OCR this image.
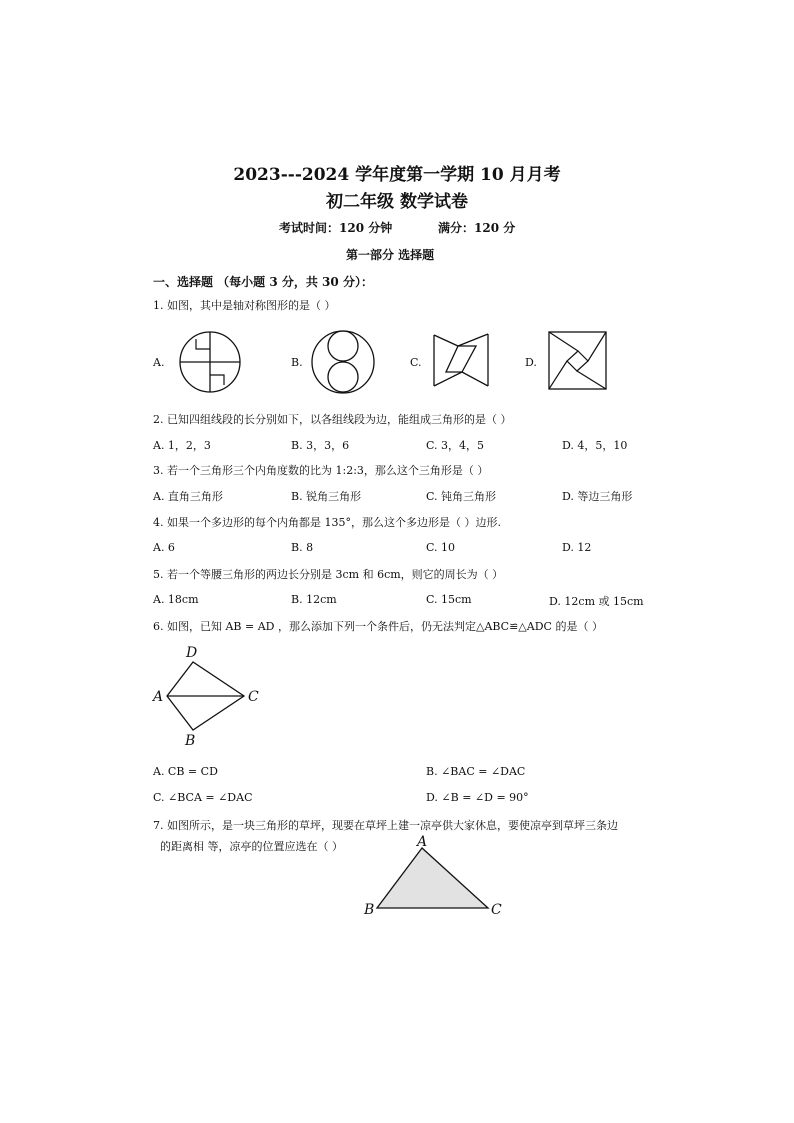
2023---2024 学年度第一学期 10 月月考
初二年级 数学试卷
考试时间：120 分钟	满分：120 分
第一部分 选择题
一、选择题 （每小题 3 分，共 30 分）：
1. 如图，其中是轴对称图形的是（ ）
A.	B.	C.	D.
2. 已知四组线段的长分别如下，以各组线段为边，能组成三角形的是（ ）
A. 1，2，3	B. 3，3，6	C. 3，4，5	D. 4，5，10
3. 若一个三角形三个内角度数的比为 1:2:3，那么这个三角形是（ ）
A. 直角三角形	B. 锐角三角形	C. 钝角三角形	D. 等边三角形
4. 如果一个多边形的每个内角都是 135°，那么这个多边形是（ ）边形.
A. 6	B. 8	C. 10	D. 12
5. 若一个等腰三角形的两边长分别是 3cm 和 6cm，则它的周长为（ ）
A. 18cm	B. 12cm	C. 15cm	D. 12cm 或 15cm
6. 如图，已知 AB = AD ，那么添加下列一个条件后，仍无法判定△ABC≌△ADC 的是（ ）
D
A	C
B
A. CB = CD	B. ∠BAC = ∠DAC
C. ∠BCA = ∠DAC	D. ∠B = ∠D = 90°
7. 如图所示，是一块三角形的草坪，现要在草坪上建一凉亭供大家休息，要使凉亭到草坪三条边
的距离相 等，凉亭的位置应选在（ ）	A
B	C
